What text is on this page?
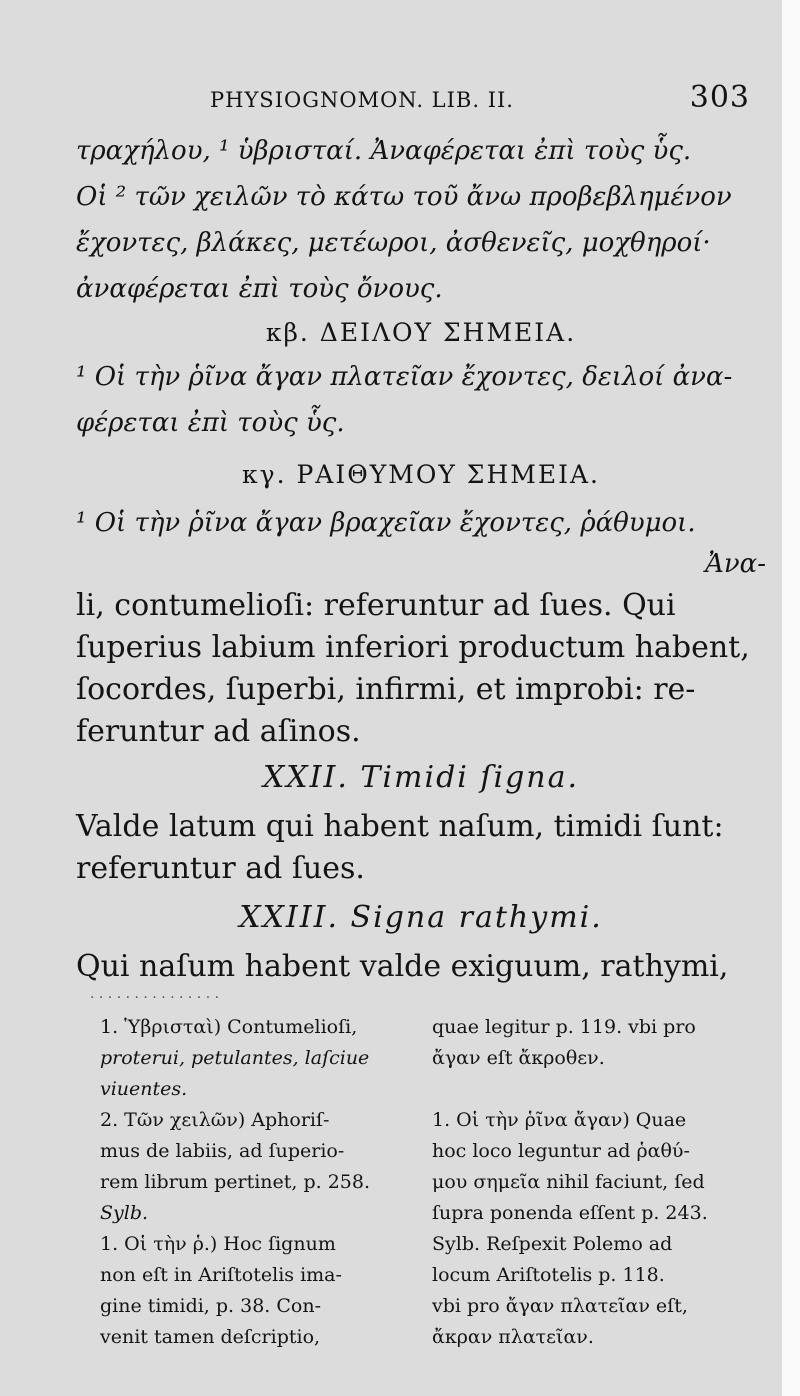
PHYSIOGNOMON. LIB. II.	303
τραχήλου, ¹ ὑβρισταί. Ἀναφέρεται ἐπὶ τοὺς ὗς.
Οἱ ² τῶν χειλῶν τὸ κάτω τοῦ ἄνω προβεβλημένον
ἔχοντες, βλάκες, μετέωροι, ἀσθενεῖς, μοχθηροί·
ἀναφέρεται ἐπὶ τοὺς ὄνους.
κβ. ΔΕΙΛΟΥ ΣΗΜΕΙΑ.
¹ Οἱ τὴν ῥῖνα ἄγαν πλατεῖαν ἔχοντες, δειλοί ἀνα-
φέρεται ἐπὶ τοὺς ὗς.
κγ. ΡΑΙΘΥΜΟΥ ΣΗΜΕΙΑ.
¹ Οἱ τὴν ῥῖνα ἄγαν βραχεῖαν ἔχοντες, ῥάθυμοι.
Ἀνα-
li, contumelioſi: referuntur ad ſues. Qui
ſuperius labium inferiori productum habent,
ſocordes, ſuperbi, infirmi, et improbi: re-
feruntur ad aſinos.
XXII. Timidi ſigna.
Valde latum qui habent naſum, timidi ſunt:
referuntur ad ſues.
XXIII. Signa rathymi.
Qui naſum habent valde exiguum, rathymi,
· · · · · · · · · · · · · · ·
1. Ὑβρισταὶ) Contumelioſi,
proterui, petulantes, laſciue
viuentes.
2. Τῶν χειλῶν) Aphoriſ-
mus de labiis, ad ſuperio-
rem librum pertinet, p. 258.
Sylb.
1. Οἱ τὴν ῥ.) Hoc ſignum
non eſt in Ariſtotelis ima-
gine timidi, p. 38. Con-
venit tamen deſcriptio,
quae legitur p. 119. vbi pro
ἄγαν eſt ἄκροθεν.
1. Οἱ τὴν ῥῖνα ἄγαν) Quae
hoc loco leguntur ad ῥαθύ-
μου σημεῖα nihil faciunt, ſed
ſupra ponenda eſſent p. 243.
Sylb. Reſpexit Polemo ad
locum Ariſtotelis p. 118.
vbi pro ἄγαν πλατεῖαν eſt,
ἄκραν πλατεῖαν.
